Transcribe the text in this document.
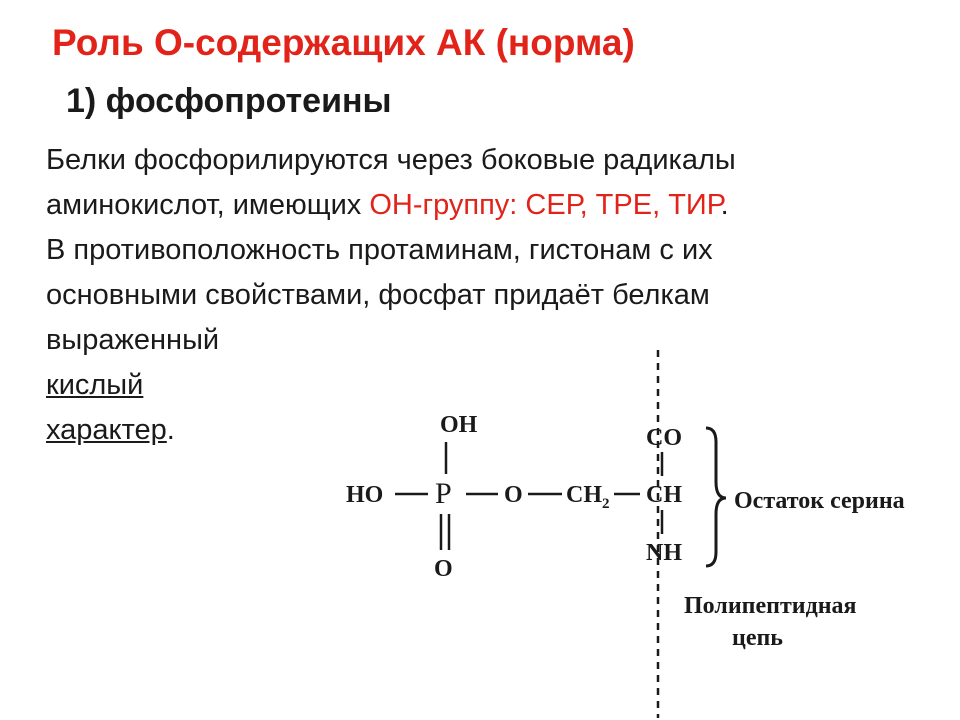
Роль О-содержащих АК (норма)
1) фосфопротеины
Белки фосфорилируются через боковые радикалы
аминокислот, имеющих ОН-группу: СЕР, ТРЕ, ТИР.
В противоположность протаминам, гистонам с их
основными свойствами, фосфат придаёт белкам
выраженный
кислый
характер.	OH
HO P
O
O $CH_2$
CO
CH
NH
Остаток серина
Полипептидная
цепь
